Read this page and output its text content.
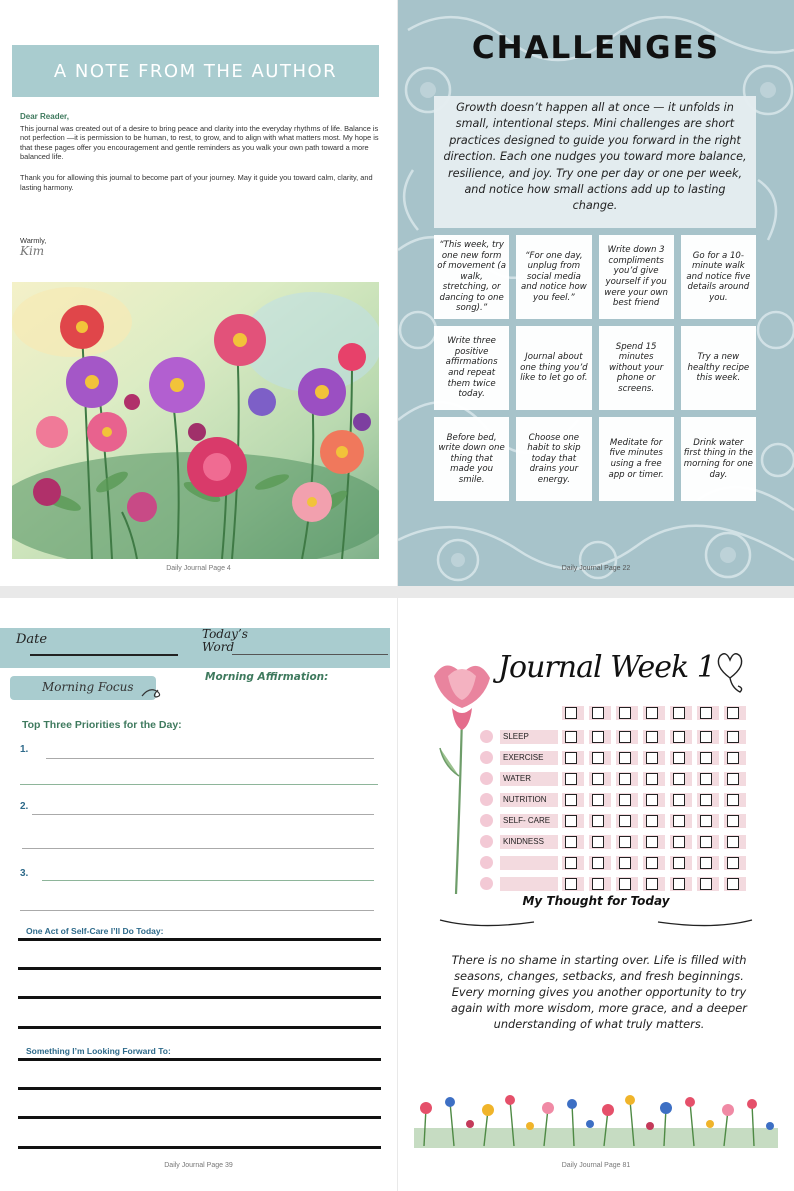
A NOTE FROM THE AUTHOR
Dear Reader,
This journal was created out of a desire to bring peace and clarity into the everyday rhythms of life. Balance is not perfection —it is permission to be human, to rest, to grow, and to align with what matters most. My hope is that these pages offer you encouragement and gentle reminders as you walk your own path toward a more balanced life.
Thank you for allowing this journal to become part of your journey. May it guide you toward calm, clarity, and lasting harmony.
Warmly,
Kim
Daily Journal Page 4
CHALLENGES
Growth doesn’t happen all at once — it unfolds in small, intentional steps. Mini challenges are short practices designed to guide you forward in the right direction. Each one nudges you toward more balance, resilience, and joy. Try one per day or one per week, and notice how small actions add up to lasting change.
“This week, try one new form of movement (a walk, stretching, or dancing to one song).”
“For one day, unplug from social media and notice how you feel.”
Write down 3 compliments you’d give yourself if you were your own best friend
Go for a 10-minute walk and notice five details around you.
Write three positive affirmations and repeat them twice today.
Journal about one thing you’d like to let go of.
Spend 15 minutes without your phone or screens.
Try a new healthy recipe this week.
Before bed, write down one thing that made you smile.
Choose one habit to skip today that drains your energy.
Meditate for five minutes using a free app or timer.
Drink water first thing in the morning for one day.
Daily Journal Page 22
Date	Today’s Word
Morning Focus
Morning Affirmation:
Top Three Priorities for the Day:
1.
2.
3.
One Act of Self-Care I’ll Do Today:
Something I’m Looking Forward To:
Daily Journal Page 39
Journal Week 1
SLEEP
EXERCISE
WATER
NUTRITION
SELF- CARE
KINDNESS
My Thought for Today
There is no shame in starting over. Life is filled with seasons, changes, setbacks, and fresh beginnings. Every morning gives you another opportunity to try again with more wisdom, more grace, and a deeper understanding of what truly matters.
Daily Journal Page 81
